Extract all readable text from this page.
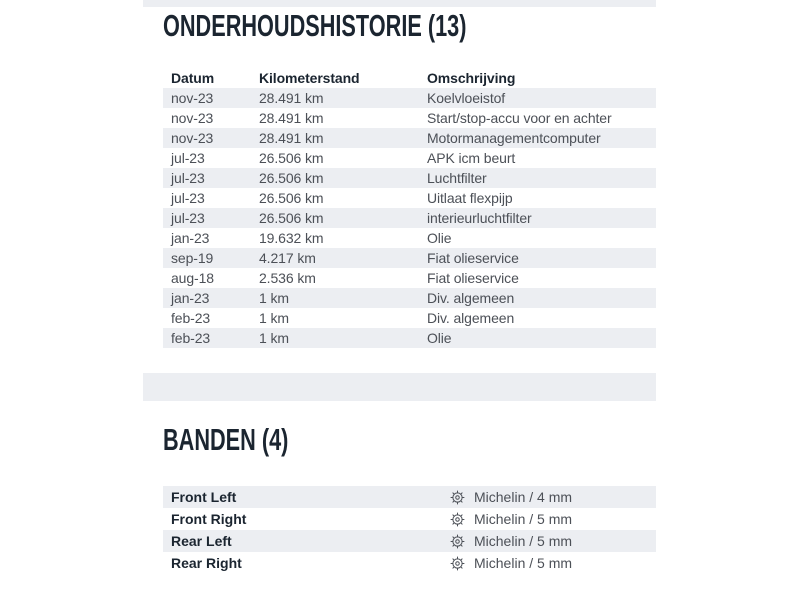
ONDERHOUDSHISTORIE (13)
Datum	Kilometerstand	Omschrijving
nov-23	28.491 km	Koelvloeistof
nov-23	28.491 km	Start/stop-accu voor en achter
nov-23	28.491 km	Motormanagementcomputer
jul-23	26.506 km	APK icm beurt
jul-23	26.506 km	Luchtfilter
jul-23	26.506 km	Uitlaat flexpijp
jul-23	26.506 km	interieurluchtfilter
jan-23	19.632 km	Olie
sep-19	4.217 km	Fiat olieservice
aug-18	2.536 km	Fiat olieservice
jan-23	1 km	Div. algemeen
feb-23	1 km	Div. algemeen
feb-23	1 km	Olie
BANDEN (4)
Front Left	Michelin / 4 mm
Front Right	Michelin / 5 mm
Rear Left	Michelin / 5 mm
Rear Right	Michelin / 5 mm
